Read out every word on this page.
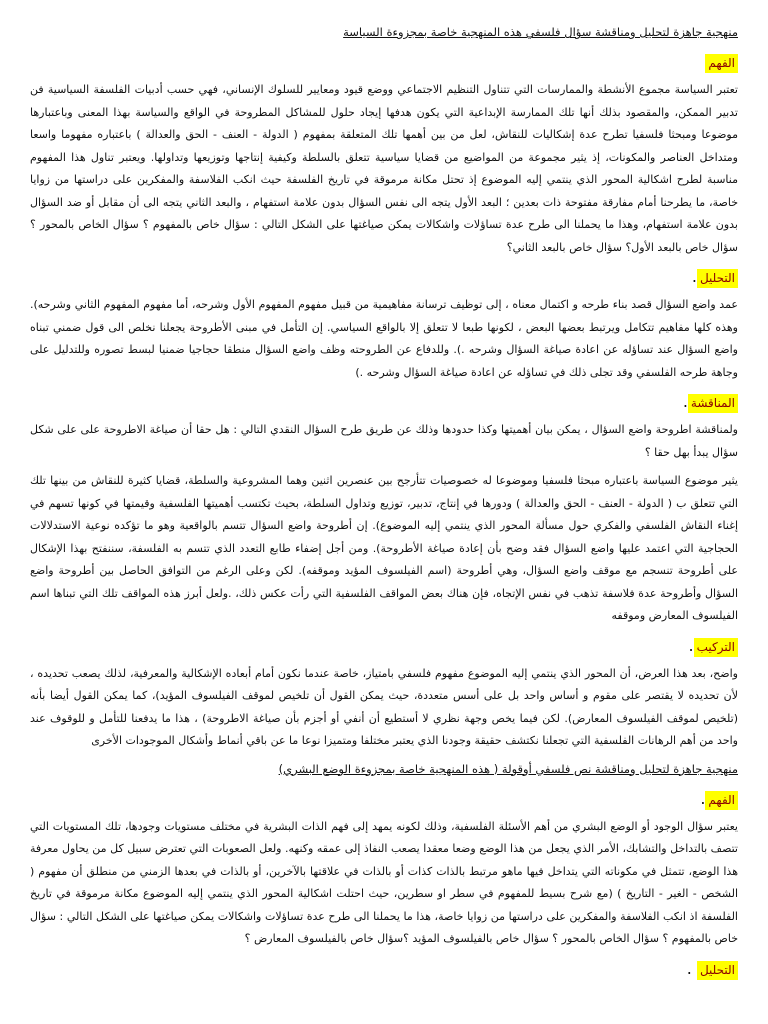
منهجية جاهزة لتحليل ومناقشة سؤال فلسفي هذه المنهجية خاصة بمجزوءة السياسة
الفهم

تعتبر السياسة مجموع الأنشطة والممارسات التي تتناول التنظيم الاجتماعي ووضع قيود ومعايير للسلوك الإنساني، فهي حسب أدبيات الفلسفة السياسية فن تدبير الممكن، والمقصود بذلك أنها تلك الممارسة الإبداعية التي يكون هدفها إيجاد حلول للمشاكل المطروحة في الواقع والسياسة بهذا المعنى وباعتبارها موضوعا ومبحثا فلسفيا تطرح عدة إشكاليات للنقاش، لعل من بين أهمها تلك المتعلقة بمفهوم ( الدولة - العنف - الحق والعدالة ) باعتباره مفهوما واسعا ومتداخل العناصر والمكونات، إذ يثير مجموعة من المواضيع من قضايا سياسية تتعلق بالسلطة وكيفية إنتاجها وتوزيعها وتداولها. ويعتبر تناول هذا المفهوم مناسبة لطرح اشكالية المحور الذي ينتمي إليه الموضوع إذ تحتل مكانة مرموقة في تاريخ الفلسفة حيث انكب الفلاسفة والمفكرين على دراستها من زوايا خاصة، ما يطرحنا أمام مفارقة مفتوحة ذات بعدين ؛ البعد الأول يتجه الى نفس السؤال بدون علامة استفهام ، والبعد الثاني يتجه الى أن مقابل أو ضد السؤال بدون علامة استفهام، وهذا ما يحملنا الى طرح عدة تساؤلات واشكالات يمكن صياغتها على الشكل التالي : سؤال خاص بالمفهوم ؟ سؤال الخاص بالمحور ؟ سؤال خاص بالبعد الأول؟ سؤال خاص بالبعد الثاني؟

التحليل.

عمد واضع السؤال قصد بناء طرحه و اكتمال معناه ، إلى توظيف ترسانة مفاهيمية من قبيل مفهوم المفهوم الأول وشرحه، أما مفهوم المفهوم الثاني وشرحه). وهذه كلها مفاهيم تتكامل ويرتبط بعضها البعض ، لكونها طبعا لا تتعلق إلا بالواقع السياسي. إن التأمل في مبنى الأطروحة يجعلنا نخلص الى قول ضمني تبناه واضع السؤال عند تساؤله عن اعادة صياغة السؤال وشرحه .). وللدفاع عن الطروحته وظف واضع السؤال منطقا حجاجيا ضمنيا لبسط تصوره وللتدليل على وجاهة طرحه الفلسفي وقد تجلى ذلك في تساؤله عن اعادة صياغة السؤال وشرحه .)

المناقشة.

ولمناقشة اطروحة واضع السؤال ، يمكن بيان أهميتها وكذا حدودها وذلك عن طريق طرح السؤال النقدي التالي : هل حقا أن صياغة الاطروحة على على شكل سؤال يبدأ بهل حقا ؟

يثير موضوع السياسة باعتباره مبحثا فلسفيا وموضوعا له خصوصيات تتأرجح بين عنصرين اثنين وهما المشروعية والسلطة، قضايا كثيرة للنقاش من بينها تلك التي تتعلق ب ( الدولة - العنف - الحق والعدالة ) ودورها في إنتاج، تدبير، توزيع وتداول السلطة، بحيث تكتسب أهميتها الفلسفية وقيمتها في كونها تسهم في إغناء النقاش الفلسفي والفكري حول مسألة المحور الذي ينتمي إليه الموضوع). إن أطروحة واضع السؤال تتسم بالواقعية وهو ما تؤكده نوعية الاستدلالات الحجاجية التي اعتمد عليها واضع السؤال فقد وضح بأن إعادة صياغة الأطروحة). ومن أجل إضفاء طابع التعدد الذي تتسم به الفلسفة، سننفتح بهذا الإشكال على أطروحة تنسجم مع موقف واضع السؤال، وهي أطروحة (اسم الفيلسوف المؤيد وموقفه). لكن وعلى الرغم من التوافق الحاصل بين أطروحة واضع السؤال وأطروحة عدة فلاسفة تذهب في نفس الإتجاه، فإن هناك بعض المواقف الفلسفية التي رأت عكس ذلك، .ولعل أبرز هذه المواقف تلك التي تبناها اسم الفيلسوف المعارض وموقفه

التركيب.

واضح، بعد هذا العرض، أن المحور الذي ينتمي إليه الموضوع مفهوم فلسفي بامتياز، خاصة عندما نكون أمام أبعاده الإشكالية والمعرفية، لذلك يصعب تحديده ، لأن تحديده لا يقتصر على مقوم و أساس واحد بل على أسس متعددة، حيث يمكن القول أن تلخيص لموقف الفيلسوف المؤيد)، كما يمكن القول أيضا بأنه (تلخيص لموقف الفيلسوف المعارض). لكن فيما يخص وجهة نظري لا أستطيع أن أنفي أو أجزم بأن صياغة الاطروحة) ، هذا ما يدفعنا للتأمل و للوقوف عند واحد من أهم الرهانات الفلسفية التي تجعلنا نكتشف حقيقة وجودنا الذي يعتبر مختلفا ومتميزا نوعا ما عن باقي أنماط وأشكال الموجودات الأخرى

منهجية جاهزة لتحليل ومناقشة نص فلسفي أوقولة ( هذه المنهجية خاصة بمجزوءة الوضع البشري)
الفهم.

يعتبر سؤال الوجود أو الوضع البشري من أهم الأسئلة الفلسفية، وذلك لكونه يمهد إلى فهم الذات البشرية في مختلف مستويات وجودها، تلك المستويات التي تتصف بالتداخل والتشابك، الأمر الذي يجعل من هذا الوضع وضعا معقدا يصعب النفاذ إلى عمقه وكنهه. ولعل الصعوبات التي تعترض سبيل كل من يحاول معرفة هذا الوضع، تتمثل في مكوناته التي يتداخل فيها ماهو مرتبط بالذات كذات أو بالذات في علاقتها بالآخرين، أو بالذات في بعدها الزمني من منطلق أن مفهوم ( الشخص - الغير - التاريخ ) (مع شرح بسيط للمفهوم في سطر او سطرين، حيث احتلت اشكالية المحور الذي ينتمي إليه الموضوع مكانة مرموقة في تاريخ الفلسفة اذ انكب الفلاسفة والمفكرين على دراستها من زوايا خاصة، هذا ما يحملنا الى طرح عدة تساؤلات واشكالات يمكن صياغتها على الشكل التالي : سؤال خاص بالمفهوم ؟ سؤال الخاص بالمحور ؟ سؤال خاص بالفيلسوف المؤيد ؟سؤال خاص بالفيلسوف المعارض ؟

التحليل .
